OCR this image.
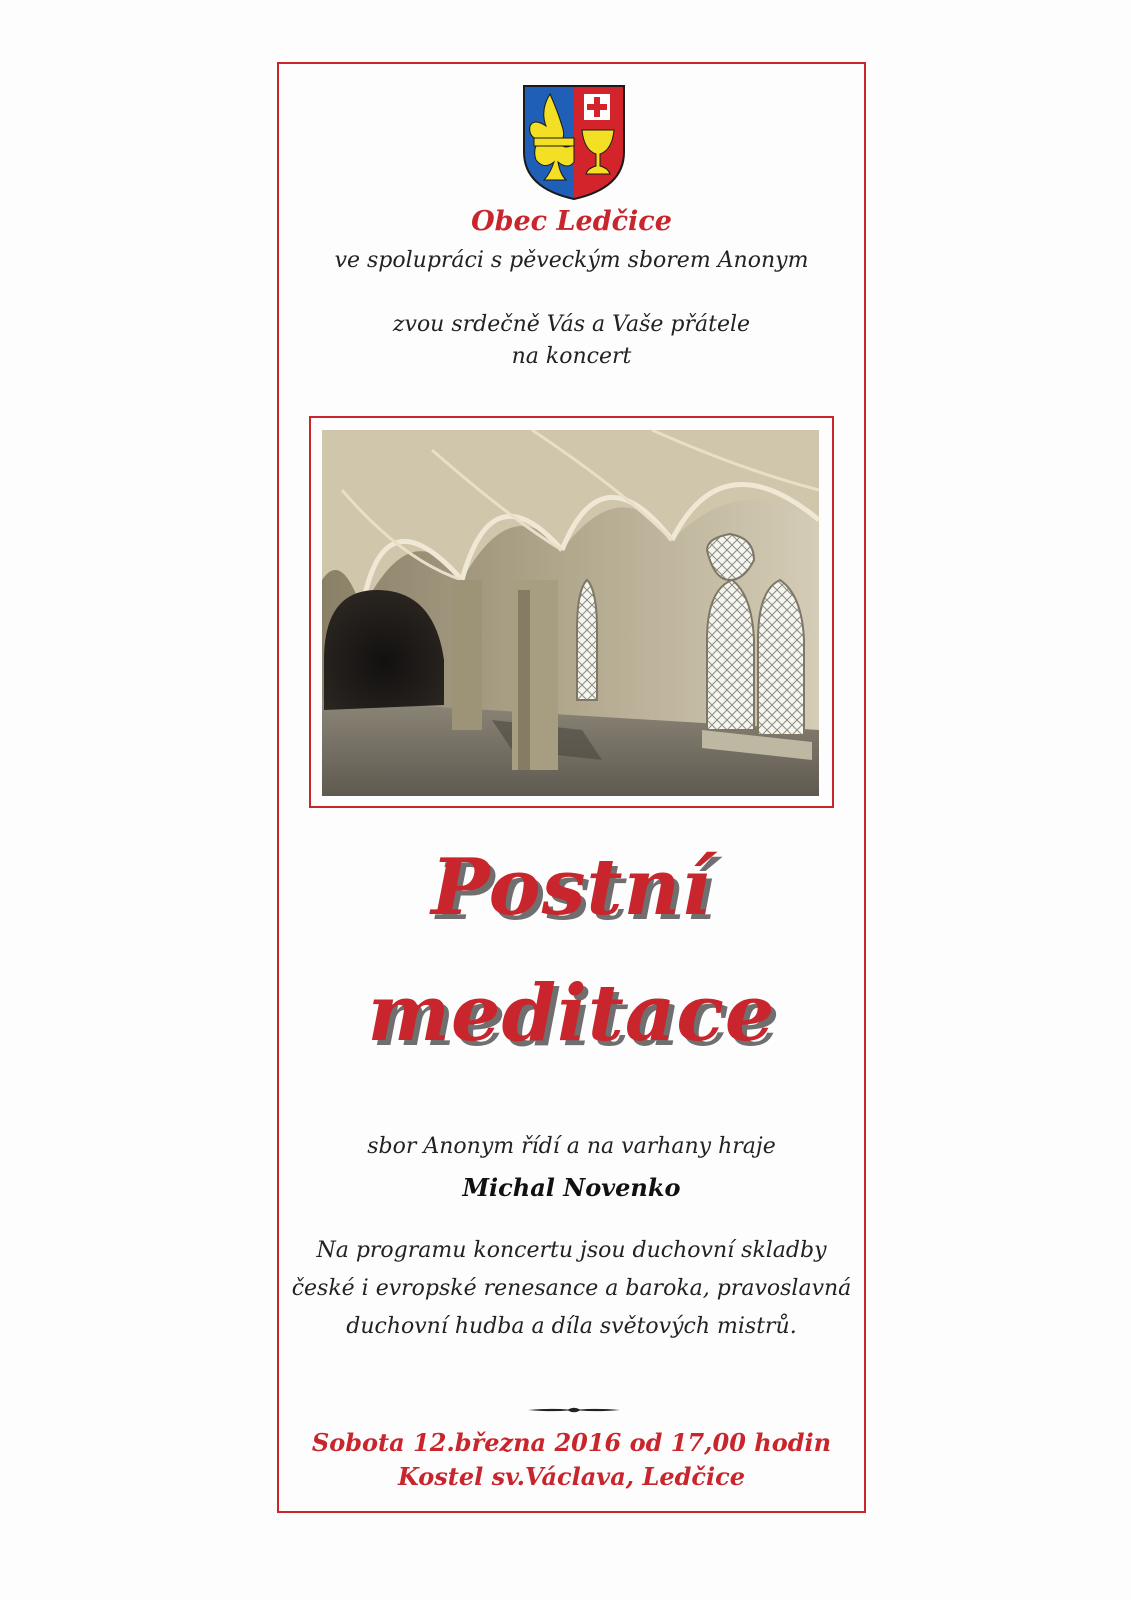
Obec Ledčice
ve spolupráci s pěveckým sborem Anonym
zvou srdečně Vás a Vaše přátele
na koncert
Postní
meditace
sbor Anonym řídí a na varhany hraje
Michal Novenko
Na programu koncertu jsou duchovní skladby
české i evropské renesance a baroka, pravoslavná
duchovní hudba a díla světových mistrů.
Sobota 12.března 2016 od 17,00 hodin
Kostel sv.Václava, Ledčice
